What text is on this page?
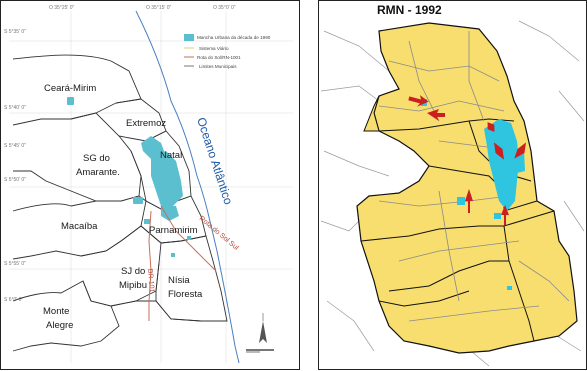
O 35°25' 0"	O 35°15' 0"	O 35°0' 0"
S 5°35' 0"
S 5°40' 0"
S 5°45' 0"
S 5°50' 0"
S 5°55' 0"
S 6°0' 0"
Mancha Urbana da década de 1990
Sistema Viário
Rota do Sol/RN-1001
Limites Municipais
Ceará-Mirim
Extremoz
SG do
Amarante.
Natal
Macaíba	Parnamirim
SJ do
Mipibu Nísia
Floresta
Monte
Alegre
Oceano Atlântico
Rota do Sol Sul
BR-101
RMN - 1992
